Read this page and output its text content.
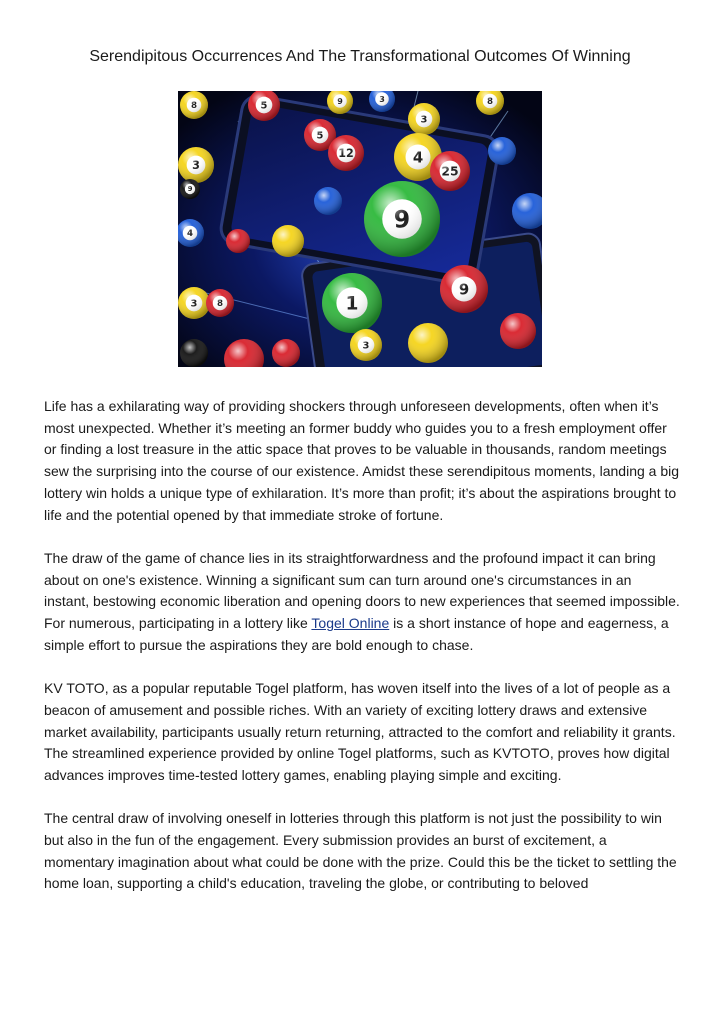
Serendipitous Occurrences And The Transformational Outcomes Of Winning

Life has a exhilarating way of providing shockers through unforeseen developments, often when it’s most unexpected. Whether it’s meeting an former buddy who guides you to a fresh employment offer or finding a lost treasure in the attic space that proves to be valuable in thousands, random meetings sew the surprising into the course of our existence. Amidst these serendipitous moments, landing a big lottery win holds a unique type of exhilaration. It’s more than profit; it’s about the aspirations brought to life and the potential opened by that immediate stroke of fortune.

The draw of the game of chance lies in its straightforwardness and the profound impact it can bring about on one's existence. Winning a significant sum can turn around one's circumstances in an instant, bestowing economic liberation and opening doors to new experiences that seemed impossible. For numerous, participating in a lottery like Togel Online is a short instance of hope and eagerness, a simple effort to pursue the aspirations they are bold enough to chase.

KV TOTO, as a popular reputable Togel platform, has woven itself into the lives of a lot of people as a beacon of amusement and possible riches. With an variety of exciting lottery draws and extensive market availability, participants usually return returning, attracted to the comfort and reliability it grants. The streamlined experience provided by online Togel platforms, such as KVTOTO, proves how digital advances improves time-tested lottery games, enabling playing simple and exciting.

The central draw of involving oneself in lotteries through this platform is not just the possibility to win but also in the fun of the engagement. Every submission provides an burst of excitement, a momentary imagination about what could be done with the prize. Could this be the ticket to settling the home loan, supporting a child's education, traveling the globe, or contributing to beloved
